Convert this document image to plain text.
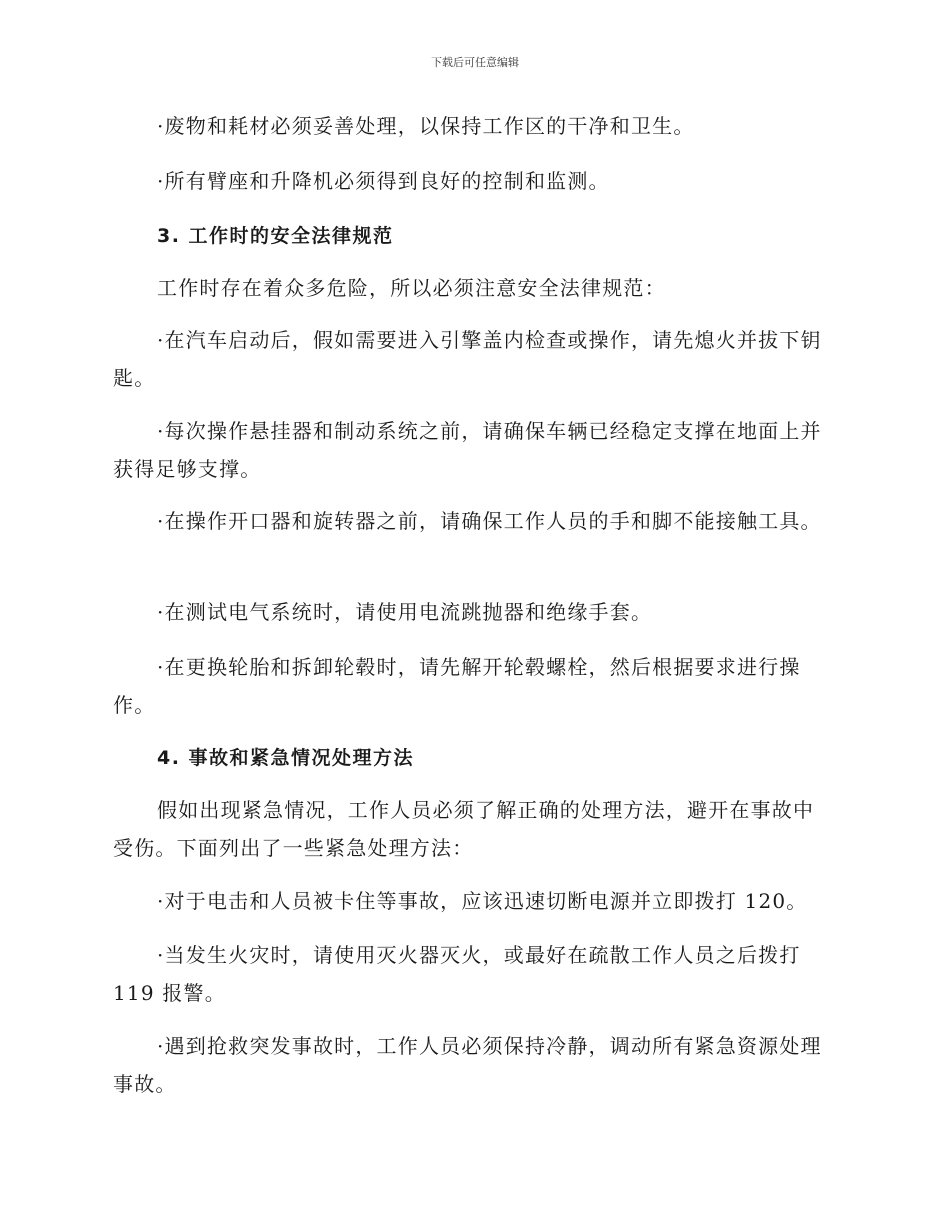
下载后可任意编辑

·废物和耗材必须妥善处理，以保持工作区的干净和卫生。

·所有臂座和升降机必须得到良好的控制和监测。

3. 工作时的安全法律规范

工作时存在着众多危险，所以必须注意安全法律规范：

·在汽车启动后，假如需要进入引擎盖内检查或操作，请先熄火并拔下钥匙。

·每次操作悬挂器和制动系统之前，请确保车辆已经稳定支撑在地面上并获得足够支撑。

·在操作开口器和旋转器之前，请确保工作人员的手和脚不能接触工具。

·在测试电气系统时，请使用电流跳抛器和绝缘手套。

·在更换轮胎和拆卸轮毂时，请先解开轮毂螺栓，然后根据要求进行操作。

4. 事故和紧急情况处理方法

假如出现紧急情况，工作人员必须了解正确的处理方法，避开在事故中受伤。下面列出了一些紧急处理方法：

·对于电击和人员被卡住等事故，应该迅速切断电源并立即拨打 120。

·当发生火灾时，请使用灭火器灭火，或最好在疏散工作人员之后拨打 119 报警。

·遇到抢救突发事故时，工作人员必须保持冷静，调动所有紧急资源处理事故。
